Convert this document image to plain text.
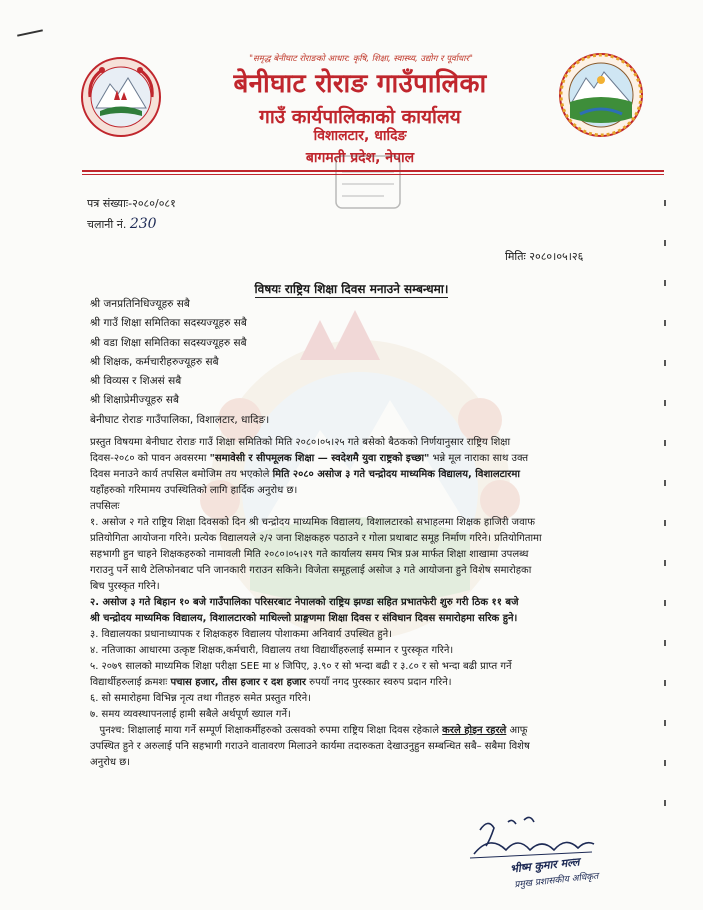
"समृद्ध बेनीघाट रोराङको आधार: कृषि, शिक्षा, स्वास्थ्य, उद्योग र पूर्वाधार"
बेनीघाट रोराङ गाउँपालिका
गाउँ कार्यपालिकाको कार्यालय
विशालटार, धादिङ
बागमती प्रदेश, नेपाल
पत्र संख्याः-२०८०/०८१
चलानी नं. 230
मितिः २०८०।०५।२६
विषयः राष्ट्रिय शिक्षा दिवस मनाउने सम्बन्धमा।
श्री जनप्रतिनिधिज्यूहरु सबै
श्री गाउँ शिक्षा समितिका सदस्यज्यूहरु सबै
श्री वडा शिक्षा समितिका सदस्यज्यूहरु सबै
श्री शिक्षक, कर्मचारीहरुज्यूहरु सबै
श्री विव्यस र शिअसं सबै
श्री शिक्षाप्रेमीज्यूहरु सबै
बेनीघाट रोराङ गाउँपालिका, विशालटार, धादिङ।

प्रस्तुत विषयमा बेनीघाट रोराङ गाउँ शिक्षा समितिको मिति २०८०।०५।२५ गते बसेको बैठकको निर्णयानुसार राष्ट्रिय शिक्षा

दिवस-२०८० को पावन अवसरमा "समावेसी र सीपमूलक शिक्षा — स्वदेशमै युवा राष्ट्रको इच्छा" भन्ने मूल नाराका साथ उक्त

दिवस मनाउने कार्य तपसिल बमोजिम तय भएकोले मिति २०८० असोज ३ गते चन्द्रोदय माध्यमिक विद्यालय, विशालटारमा

यहाँहरुको गरिमामय उपस्थितिको लागि हार्दिक अनुरोध छ।

तपसिलः

१. असोज २ गते राष्ट्रिय शिक्षा दिवसको दिन श्री चन्द्रोदय माध्यमिक विद्यालय, विशालटारको सभाहलमा शिक्षक हाजिरी जवाफ

प्रतियोगिता आयोजना गरिने। प्रत्येक विद्यालयले २/२ जना शिक्षकहरु पठाउने र गोला प्रथाबाट समूह निर्माण गरिने। प्रतियोगितामा

सहभागी हुन चाहने शिक्षकहरुको नामावली मिति २०८०।०५।२९ गते कार्यालय समय भित्र प्रअ मार्फत शिक्षा शाखामा उपलब्ध

गराउनु पर्ने साथै टेलिफोनबाट पनि जानकारी गराउन सकिने। विजेता समूहलाई असोज ३ गते आयोजना हुने विशेष समारोहका

बिच पुरस्कृत गरिने।

२. असोज ३ गते बिहान १० बजे गाउँपालिका परिसरबाट नेपालको राष्ट्रिय झण्डा सहित प्रभातफेरी शुरु गरी ठिक ११ बजे

श्री चन्द्रोदय माध्यमिक विद्यालय, विशालटारको माथिल्लो प्राङ्गणमा शिक्षा दिवस र संविधान दिवस समारोहमा सरिक हुने।

३. विद्यालयका प्रधानाध्यापक र शिक्षकहरु विद्यालय पोशाकमा अनिवार्य उपस्थित हुने।

४. नतिजाका आधारमा उत्कृष्ट शिक्षक,कर्मचारी, विद्यालय तथा विद्यार्थीहरुलाई सम्मान र पुरस्कृत गरिने।

५. २०७९ सालको माध्यमिक शिक्षा परीक्षा SEE मा ४ जिपिए, ३.९० र सो भन्दा बढी र ३.८० र सो भन्दा बढी प्राप्त गर्ने

विद्यार्थीहरुलाई क्रमशः पचास हजार, तीस हजार र दश हजार रुपयाँ नगद पुरस्कार स्वरुप प्रदान गरिने।

६. सो समारोहमा विभिन्न नृत्य तथा गीतहरु समेत प्रस्तुत गरिने।

७. समय व्यवस्थापनलाई हामी सबैले अर्थपूर्ण ख्याल गर्ने।

पुनश्च: शिक्षालाई माया गर्ने सम्पूर्ण शिक्षाकर्मीहरुको उत्सवको रुपमा राष्ट्रिय शिक्षा दिवस रहेकाले करले होइन रहरले आफू

उपस्थित हुने र अरुलाई पनि सहभागी गराउने वातावरण मिलाउने कार्यमा तदारुकता देखाउनुहुन सम्बन्धित सबै– सबैमा विशेष

अनुरोध छ।

भीष्म कुमार मल्ल
प्रमुख प्रशासकीय अधिकृत
